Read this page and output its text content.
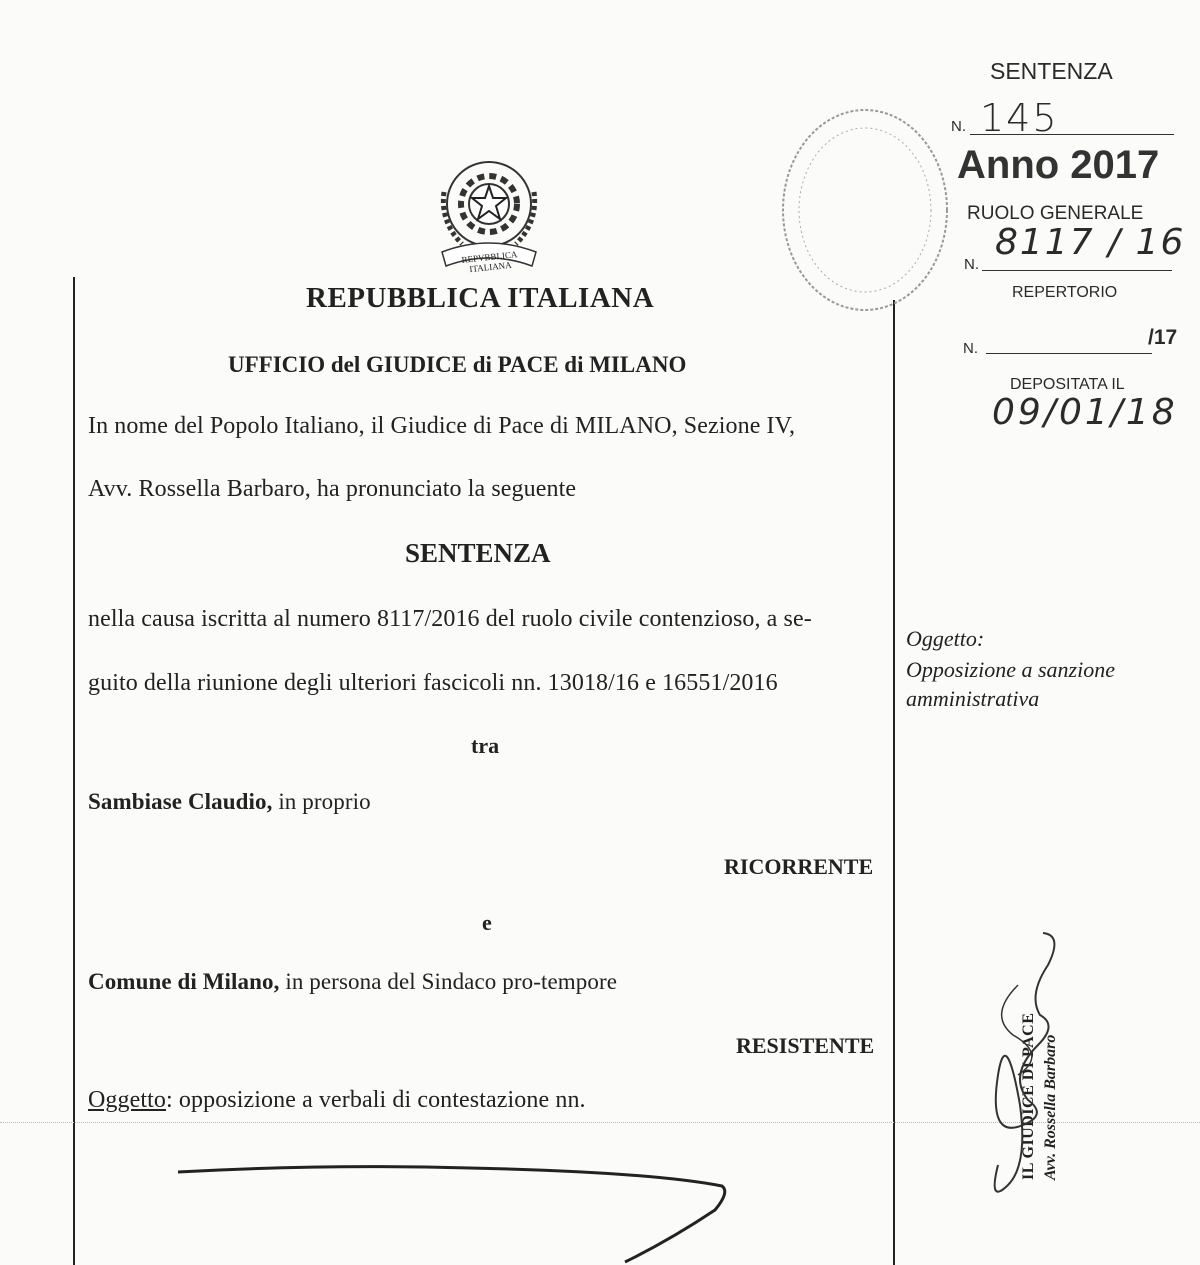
REPVBBLICA ITALIANA
REPUBBLICA ITALIANA
UFFICIO del GIUDICE di PACE di MILANO
In nome del Popolo Italiano, il Giudice di Pace di MILANO, Sezione IV,
Avv. Rossella Barbaro, ha pronunciato la seguente
SENTENZA
nella causa iscritta al numero 8117/2016 del ruolo civile contenzioso, a se-
guito della riunione degli ulteriori fascicoli nn. 13018/16 e 16551/2016
tra
Sambiase Claudio, in proprio
RICORRENTE
e
Comune di Milano, in persona del Sindaco pro-tempore
RESISTENTE
Oggetto: opposizione a verbali di contestazione nn.
SENTENZA
N. 145
Anno 2017
RUOLO GENERALE
N.
8117 / 16
REPERTORIO
N.	/17
DEPOSITATA IL
09/01/18
Oggetto:
Opposizione a sanzione
amministrativa
IL GIUDICE DI PACE Avv. Rossella Barbaro
